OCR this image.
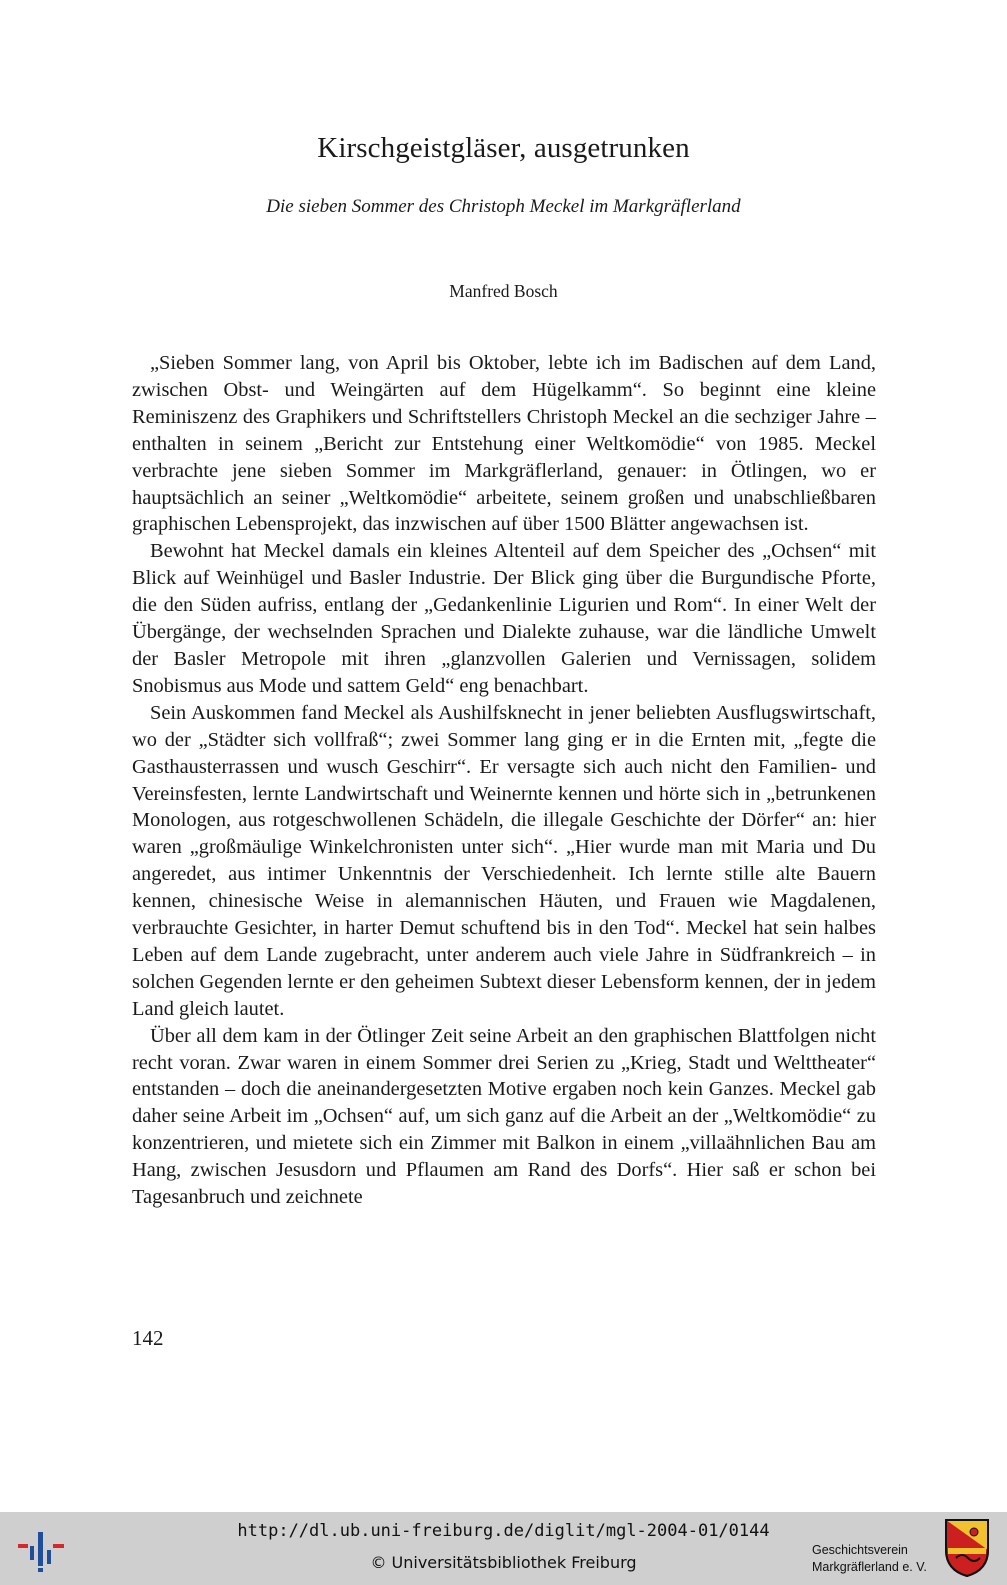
Kirschgeistgläser, ausgetrunken
Die sieben Sommer des Christoph Meckel im Markgräflerland
Manfred Bosch

„Sieben Sommer lang, von April bis Oktober, lebte ich im Badischen auf dem Land, zwischen Obst- und Weingärten auf dem Hügelkamm“. So beginnt eine kleine Reminiszenz des Graphikers und Schriftstellers Christoph Meckel an die sechziger Jahre – enthalten in seinem „Bericht zur Entstehung einer Weltkomödie“ von 1985. Meckel verbrachte jene sieben Sommer im Markgräflerland, genauer: in Ötlingen, wo er hauptsächlich an seiner „Weltkomödie“ arbeitete, seinem großen und unabschließbaren graphischen Lebensprojekt, das inzwischen auf über 1500 Blätter angewachsen ist.

Bewohnt hat Meckel damals ein kleines Altenteil auf dem Speicher des „Ochsen“ mit Blick auf Weinhügel und Basler Industrie. Der Blick ging über die Burgundische Pforte, die den Süden aufriss, entlang der „Gedankenlinie Ligurien und Rom“. In einer Welt der Übergänge, der wechselnden Sprachen und Dialekte zuhause, war die ländliche Umwelt der Basler Metropole mit ihren „glanzvollen Galerien und Vernissagen, solidem Snobismus aus Mode und sattem Geld“ eng benachbart.

Sein Auskommen fand Meckel als Aushilfsknecht in jener beliebten Ausflugswirtschaft, wo der „Städter sich vollfraß“; zwei Sommer lang ging er in die Ernten mit, „fegte die Gasthausterrassen und wusch Geschirr“. Er versagte sich auch nicht den Familien- und Vereinsfesten, lernte Landwirtschaft und Weinernte kennen und hörte sich in „betrunkenen Monologen, aus rotgeschwollenen Schädeln, die illegale Geschichte der Dörfer“ an: hier waren „großmäulige Winkelchronisten unter sich“. „Hier wurde man mit Maria und Du angeredet, aus intimer Unkenntnis der Verschiedenheit. Ich lernte stille alte Bauern kennen, chinesische Weise in alemannischen Häuten, und Frauen wie Magdalenen, verbrauchte Gesichter, in harter Demut schuftend bis in den Tod“. Meckel hat sein halbes Leben auf dem Lande zugebracht, unter anderem auch viele Jahre in Südfrankreich – in solchen Gegenden lernte er den geheimen Subtext dieser Lebensform kennen, der in jedem Land gleich lautet.

Über all dem kam in der Ötlinger Zeit seine Arbeit an den graphischen Blattfolgen nicht recht voran. Zwar waren in einem Sommer drei Serien zu „Krieg, Stadt und Welttheater“ entstanden – doch die aneinandergesetzten Motive ergaben noch kein Ganzes. Meckel gab daher seine Arbeit im „Ochsen“ auf, um sich ganz auf die Arbeit an der „Weltkomödie“ zu konzentrieren, und mietete sich ein Zimmer mit Balkon in einem „villaähnlichen Bau am Hang, zwischen Jesusdorn und Pflaumen am Rand des Dorfs“. Hier saß er schon bei Tagesanbruch und zeichnete

142
http://dl.ub.uni-freiburg.de/diglit/mgl-2004-01/0144
© Universitätsbibliothek Freiburg
Geschichtsverein
Markgräflerland e. V.
